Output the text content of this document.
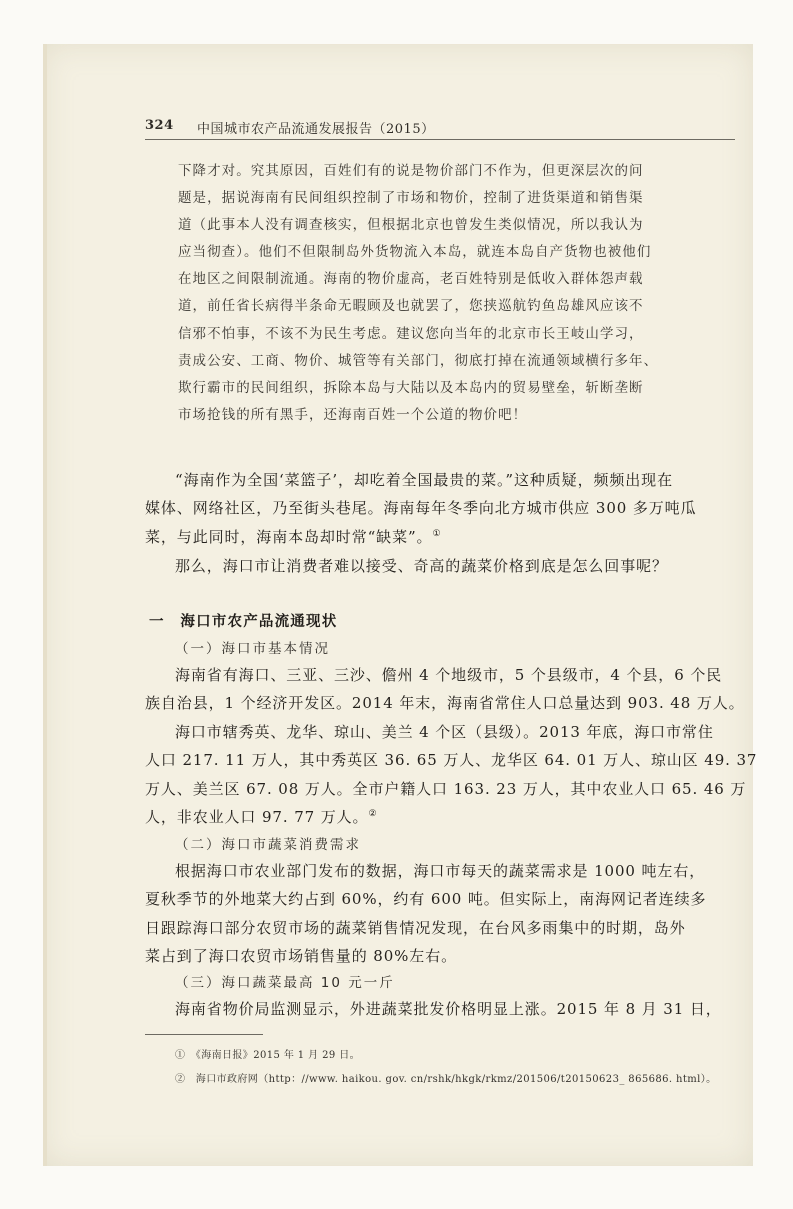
324 中国城市农产品流通发展报告（2015）
下降才对。究其原因，百姓们有的说是物价部门不作为，但更深层次的问
题是，据说海南有民间组织控制了市场和物价，控制了进货渠道和销售渠
道（此事本人没有调查核实，但根据北京也曾发生类似情况，所以我认为
应当彻查）。他们不但限制岛外货物流入本岛，就连本岛自产货物也被他们
在地区之间限制流通。海南的物价虚高，老百姓特别是低收入群体怨声载
道，前任省长病得半条命无暇顾及也就罢了，您挟巡航钓鱼岛雄风应该不
信邪不怕事，不该不为民生考虑。建议您向当年的北京市长王岐山学习，
责成公安、工商、物价、城管等有关部门，彻底打掉在流通领域横行多年、
欺行霸市的民间组织，拆除本岛与大陆以及本岛内的贸易壁垒，斩断垄断
市场抢钱的所有黑手，还海南百姓一个公道的物价吧！
“海南作为全国‘菜篮子’，却吃着全国最贵的菜。”这种质疑，频频出现在
媒体、网络社区，乃至街头巷尾。海南每年冬季向北方城市供应 300 多万吨瓜
菜，与此同时，海南本岛却时常“缺菜”。①
那么，海口市让消费者难以接受、奇高的蔬菜价格到底是怎么回事呢？
一　海口市农产品流通现状
（一）海口市基本情况
海南省有海口、三亚、三沙、儋州 4 个地级市，5 个县级市，4 个县，6 个民
族自治县，1 个经济开发区。2014 年末，海南省常住人口总量达到 903. 48 万人。
海口市辖秀英、龙华、琼山、美兰 4 个区（县级）。2013 年底，海口市常住
人口 217. 11 万人，其中秀英区 36. 65 万人、龙华区 64. 01 万人、琼山区 49. 37
万人、美兰区 67. 08 万人。全市户籍人口 163. 23 万人，其中农业人口 65. 46 万
人，非农业人口 97. 77 万人。②
（二）海口市蔬菜消费需求
根据海口市农业部门发布的数据，海口市每天的蔬菜需求是 1000 吨左右，
夏秋季节的外地菜大约占到 60%，约有 600 吨。但实际上，南海网记者连续多
日跟踪海口部分农贸市场的蔬菜销售情况发现，在台风多雨集中的时期，岛外
菜占到了海口农贸市场销售量的 80%左右。
（三）海口蔬菜最高 10 元一斤
海南省物价局监测显示，外进蔬菜批发价格明显上涨。2015 年 8 月 31 日，
①　《海南日报》2015 年 1 月 29 日。
②　海口市政府网（http：//www. haikou. gov. cn/rshk/hkgk/rkmz/201506/t20150623_ 865686. html）。
